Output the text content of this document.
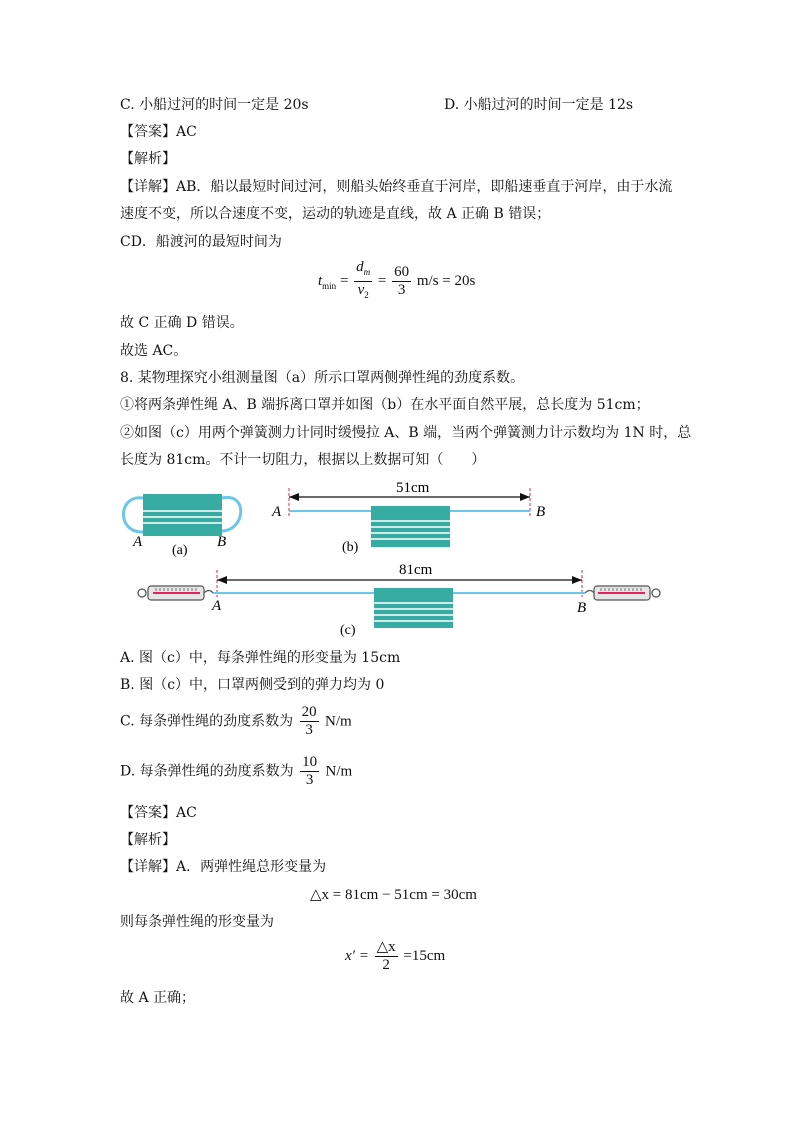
C. 小船过河的时间一定是 20s	D. 小船过河的时间一定是 12s
【答案】AC
【解析】
【详解】AB．船以最短时间过河，则船头始终垂直于河岸，即船速垂直于河岸，由于水流
速度不变，所以合速度不变，运动的轨迹是直线，故 A 正确 B 错误；
CD．船渡河的最短时间为
$t_{min} = \frac{d_m}{v_2} = \frac{60}{3} m/s = 20s$
故 C 正确 D 错误。
故选 AC。
8. 某物理探究小组测量图（a）所示口罩两侧弹性绳的劲度系数。
①将两条弹性绳 A、B 端拆离口罩并如图（b）在水平面自然平展，总长度为 51cm；
②如图（c）用两个弹簧测力计同时缓慢拉 A、B 端，当两个弹簧测力计示数均为 1N 时，总
长度为 81cm。不计一切阻力，根据以上数据可知（　　）
A	B
(a)
51cm
A	B
(b)
81cm
A	B
(c)
A. 图（c）中，每条弹性绳的形变量为 15cm
B. 图（c）中，口罩两侧受到的弹力均为 0
C. 每条弹性绳的劲度系数为 $\frac{20}{3} N/m$
D. 每条弹性绳的劲度系数为 $\frac{10}{3} N/m$
【答案】AC
【解析】
【详解】A．两弹性绳总形变量为
△x = 81cm − 51cm = 30cm
则每条弹性绳的形变量为
$x' = \frac{\triangle x}{2} =15cm$
故 A 正确；
